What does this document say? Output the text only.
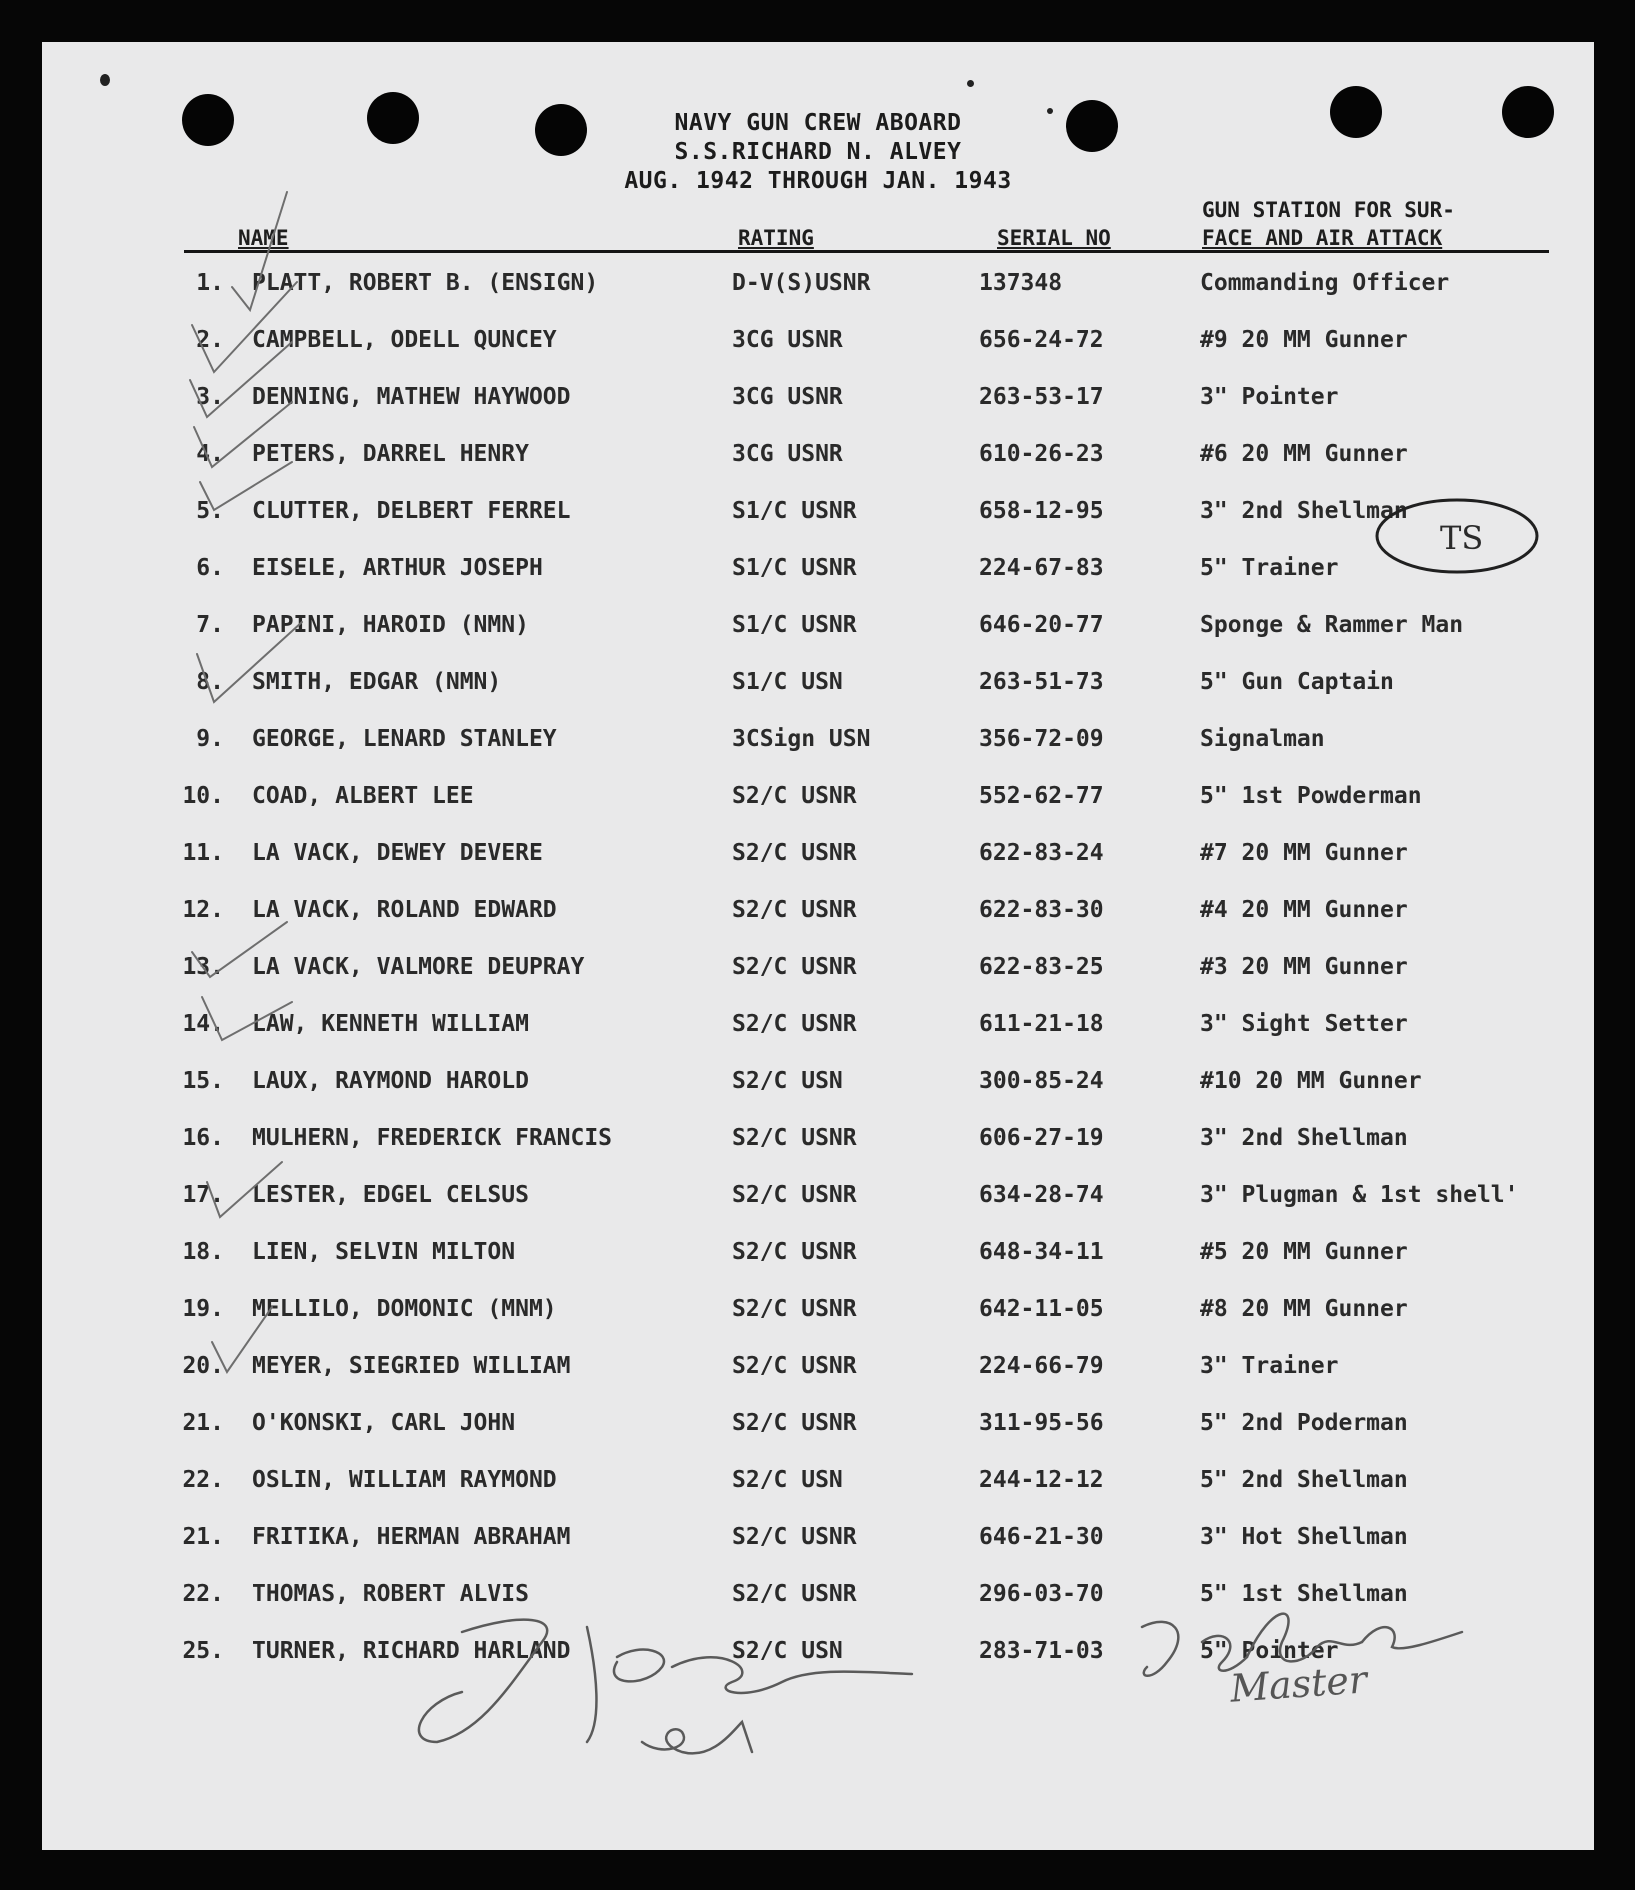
NAVY GUN CREW ABOARD
S.S.RICHARD N. ALVEY
AUG. 1942 THROUGH JAN. 1943
NAME	RATING	SERIAL NO
GUN STATION FOR SUR-
FACE AND AIR ATTACK
1. PLATT, ROBERT B. (ENSIGN)	D-V(S)USNR	137348	Commanding Officer
2. CAMPBELL, ODELL QUNCEY	3CG USNR	656-24-72	#9 20 MM Gunner
3. DENNING, MATHEW HAYWOOD	3CG USNR	263-53-17	3" Pointer
4. PETERS, DARREL HENRY	3CG USNR	610-26-23	#6 20 MM Gunner
5. CLUTTER, DELBERT FERREL	S1/C USNR	658-12-95	3" 2nd Shellman
6. EISELE, ARTHUR JOSEPH	S1/C USNR	224-67-83	5" Trainer
7. PAPINI, HAROID (NMN)	S1/C USNR	646-20-77	Sponge & Rammer Man
8. SMITH, EDGAR (NMN)	S1/C USN	263-51-73	5" Gun Captain
9. GEORGE, LENARD STANLEY	3CSign USN	356-72-09	Signalman
10. COAD, ALBERT LEE	S2/C USNR	552-62-77	5" 1st Powderman
11. LA VACK, DEWEY DEVERE	S2/C USNR	622-83-24	#7 20 MM Gunner
12. LA VACK, ROLAND EDWARD	S2/C USNR	622-83-30	#4 20 MM Gunner
13. LA VACK, VALMORE DEUPRAY	S2/C USNR	622-83-25	#3 20 MM Gunner
14. LAW, KENNETH WILLIAM	S2/C USNR	611-21-18	3" Sight Setter
15. LAUX, RAYMOND HAROLD	S2/C USN	300-85-24	#10 20 MM Gunner
16. MULHERN, FREDERICK FRANCIS	S2/C USNR	606-27-19	3" 2nd Shellman
17. LESTER, EDGEL CELSUS	S2/C USNR	634-28-74	3" Plugman & 1st shell'
18. LIEN, SELVIN MILTON	S2/C USNR	648-34-11	#5 20 MM Gunner
19. MELLILO, DOMONIC (MNM)	S2/C USNR	642-11-05	#8 20 MM Gunner
20. MEYER, SIEGRIED WILLIAM	S2/C USNR	224-66-79	3" Trainer
21. O'KONSKI, CARL JOHN	S2/C USNR	311-95-56	5" 2nd Poderman
22. OSLIN, WILLIAM RAYMOND	S2/C USN	244-12-12	5" 2nd Shellman
21. FRITIKA, HERMAN ABRAHAM	S2/C USNR	646-21-30	3" Hot Shellman
22. THOMAS, ROBERT ALVIS	S2/C USNR	296-03-70	5" 1st Shellman
25. TURNER, RICHARD HARLAND	S2/C USN	283-71-03	5" Pointer
TS
Master
